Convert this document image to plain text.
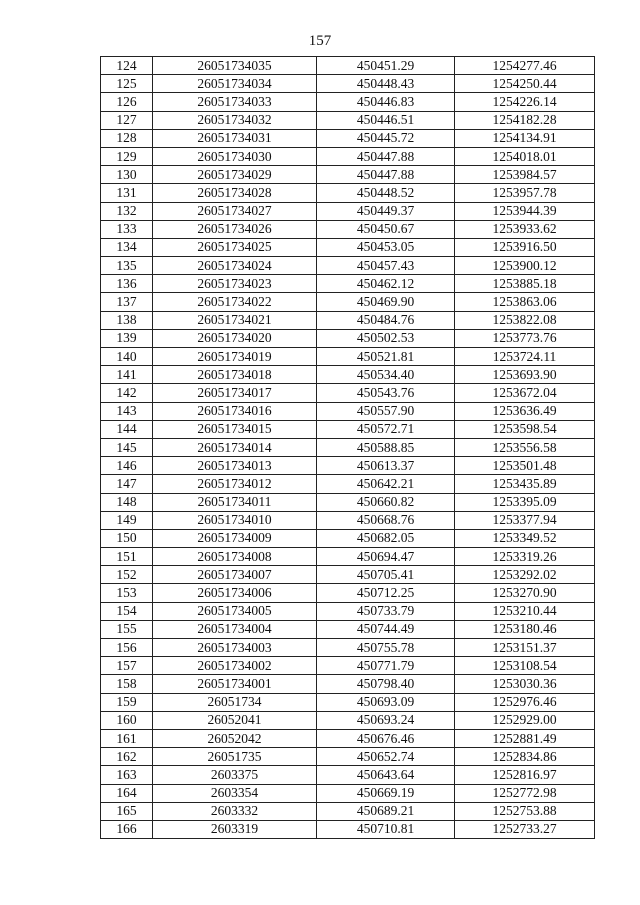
157
124	26051734035	450451.29	1254277.46
125	26051734034	450448.43	1254250.44
126	26051734033	450446.83	1254226.14
127	26051734032	450446.51	1254182.28
128	26051734031	450445.72	1254134.91
129	26051734030	450447.88	1254018.01
130	26051734029	450447.88	1253984.57
131	26051734028	450448.52	1253957.78
132	26051734027	450449.37	1253944.39
133	26051734026	450450.67	1253933.62
134	26051734025	450453.05	1253916.50
135	26051734024	450457.43	1253900.12
136	26051734023	450462.12	1253885.18
137	26051734022	450469.90	1253863.06
138	26051734021	450484.76	1253822.08
139	26051734020	450502.53	1253773.76
140	26051734019	450521.81	1253724.11
141	26051734018	450534.40	1253693.90
142	26051734017	450543.76	1253672.04
143	26051734016	450557.90	1253636.49
144	26051734015	450572.71	1253598.54
145	26051734014	450588.85	1253556.58
146	26051734013	450613.37	1253501.48
147	26051734012	450642.21	1253435.89
148	26051734011	450660.82	1253395.09
149	26051734010	450668.76	1253377.94
150	26051734009	450682.05	1253349.52
151	26051734008	450694.47	1253319.26
152	26051734007	450705.41	1253292.02
153	26051734006	450712.25	1253270.90
154	26051734005	450733.79	1253210.44
155	26051734004	450744.49	1253180.46
156	26051734003	450755.78	1253151.37
157	26051734002	450771.79	1253108.54
158	26051734001	450798.40	1253030.36
159	26051734	450693.09	1252976.46
160	26052041	450693.24	1252929.00
161	26052042	450676.46	1252881.49
162	26051735	450652.74	1252834.86
163	2603375	450643.64	1252816.97
164	2603354	450669.19	1252772.98
165	2603332	450689.21	1252753.88
166	2603319	450710.81	1252733.27
